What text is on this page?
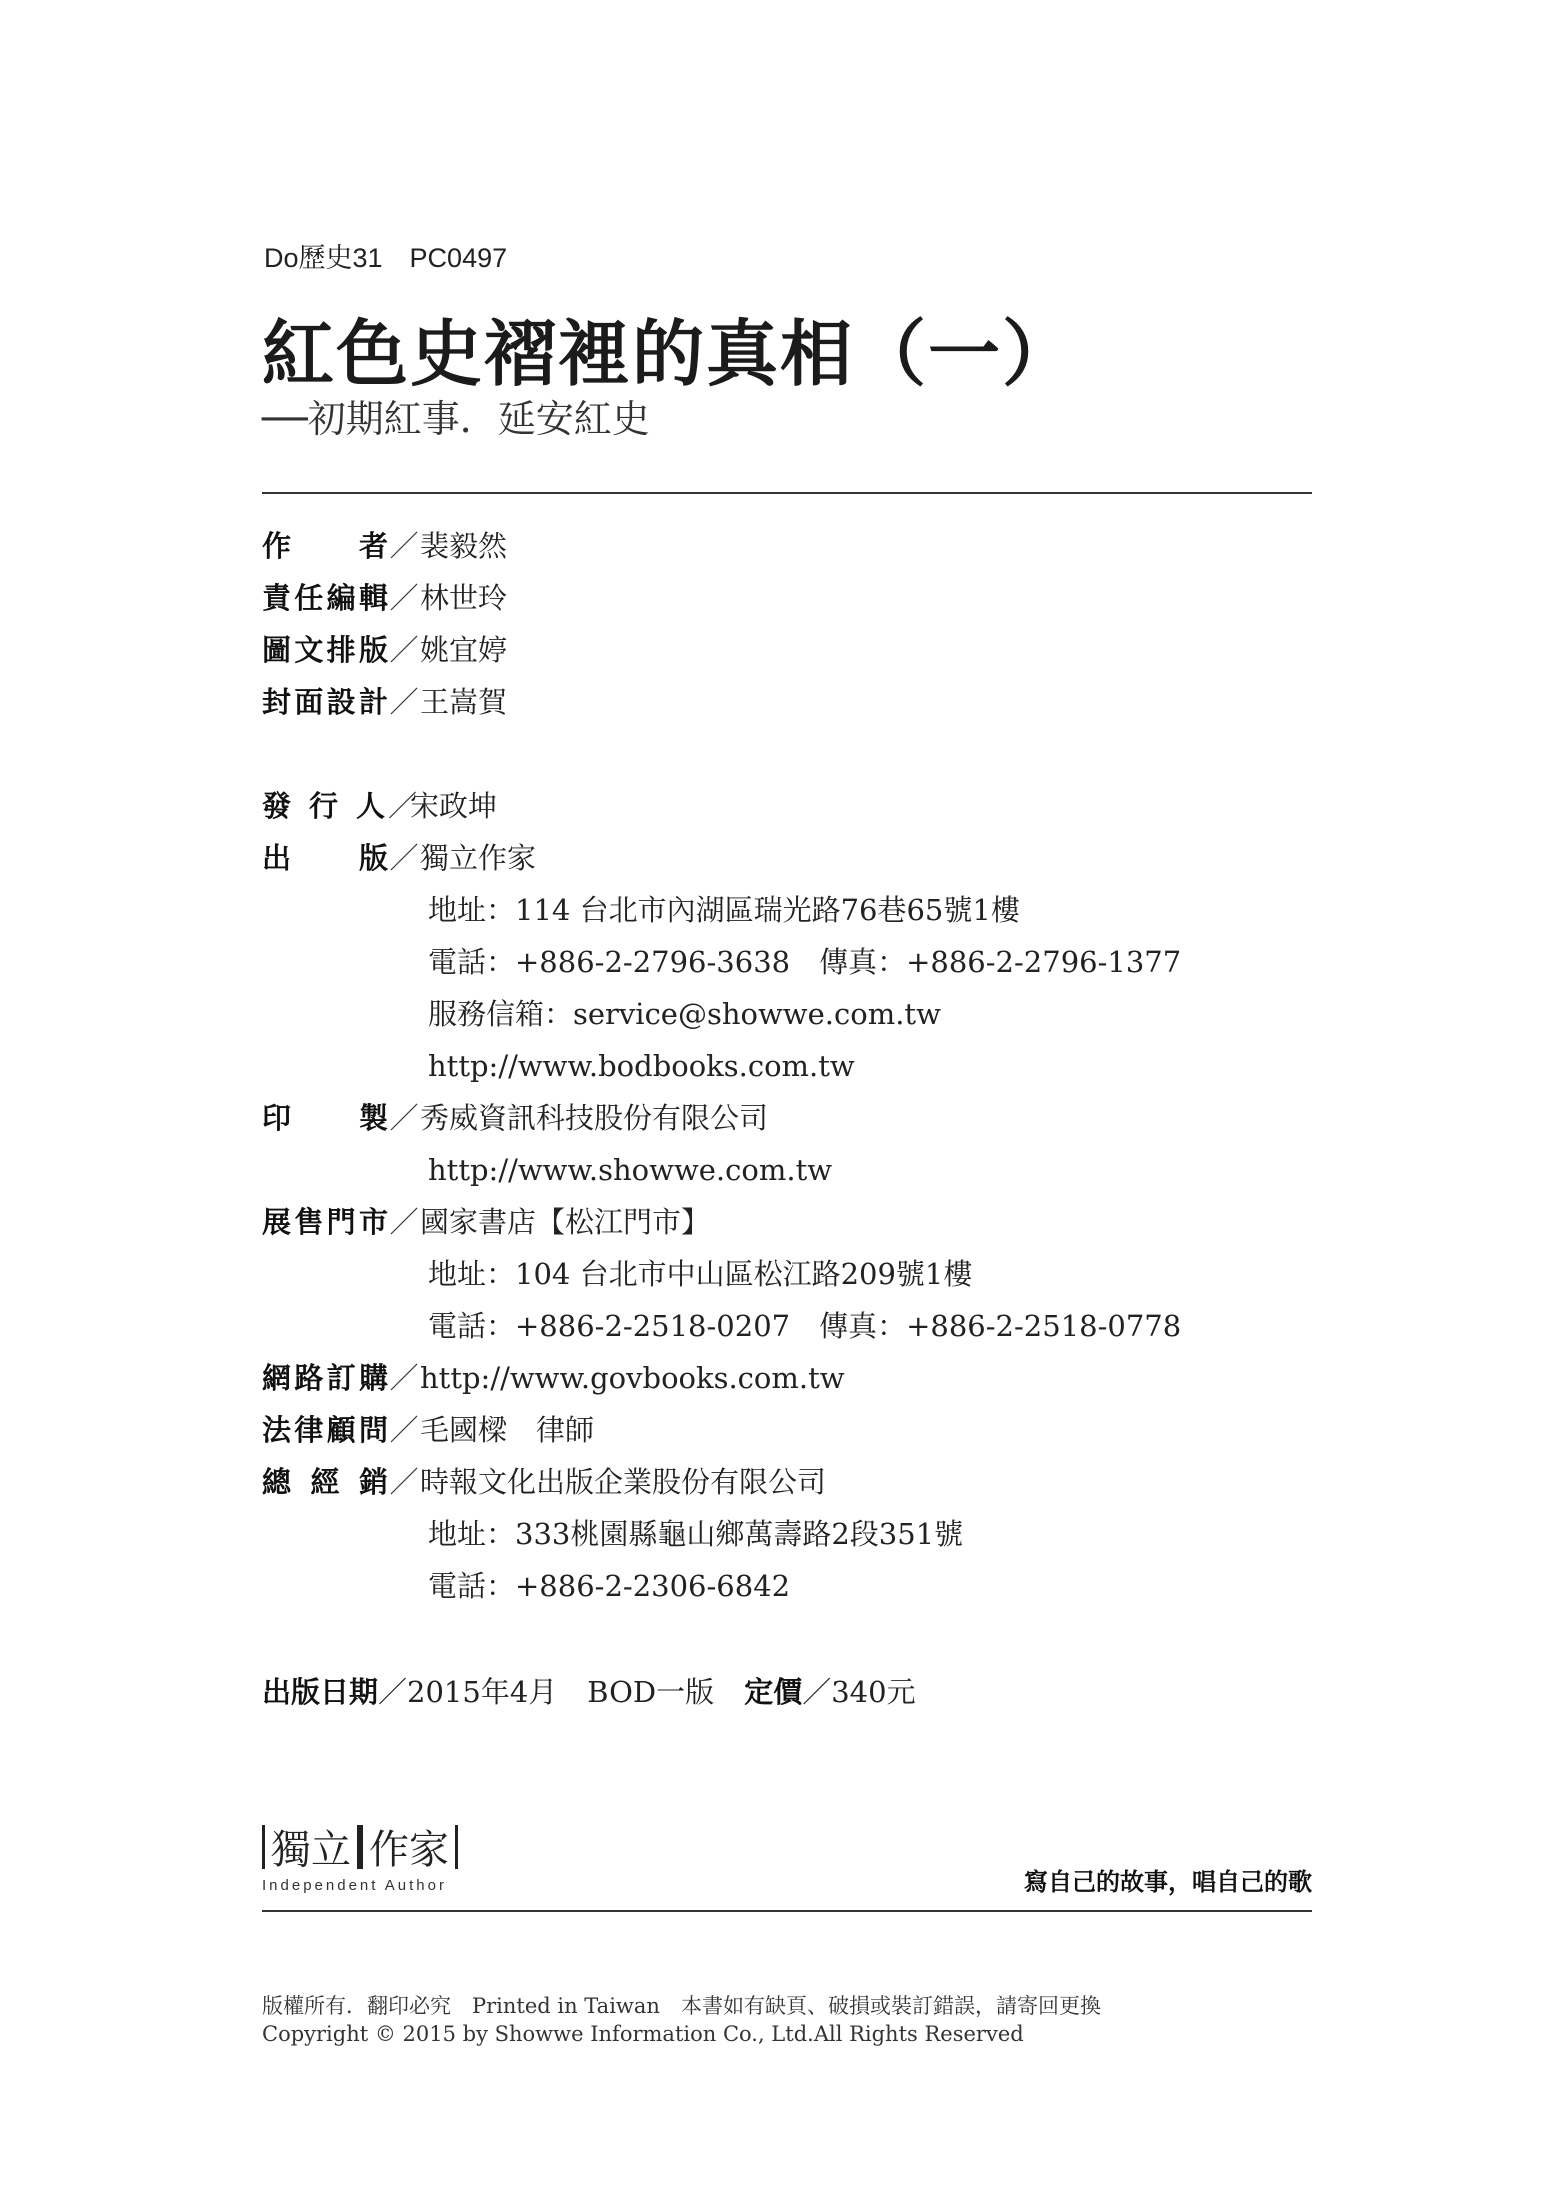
Do歷史31　PC0497
紅色史褶裡的真相（一）
──初期紅事．延安紅史
作 者 ／ 裴毅然
責 任 編 輯 ／ 林世玲
圖 文 排 版 ／ 姚宜婷
封 面 設 計 ／ 王嵩賀
發 行 人 ／
宋政坤
出 版 ／ 獨立作家
地址：114 台北市內湖區瑞光路76巷65號1樓
電話：+886-2-2796-3638　傳真：+886-2-2796-1377
服務信箱：service@showwe.com.tw
http://www.bodbooks.com.tw
印 製 ／ 秀威資訊科技股份有限公司
http://www.showwe.com.tw
展 售 門 市 ／ 國家書店【松江門市】
地址：104 台北市中山區松江路209號1樓
電話：+886-2-2518-0207　傳真：+886-2-2518-0778
網 路 訂 購 ／ http://www.govbooks.com.tw
法 律 顧 問 ／ 毛國樑　律師
總 經 銷 ／ 時報文化出版企業股份有限公司
地址：333桃園縣龜山鄉萬壽路2段351號
電話：+886-2-2306-6842
出版日期 ／ 2015年4月 BOD一版 定價 ／ 340元
獨立 作家
Independent Author	寫自己的故事，唱自己的歌
版權所有．翻印必究　Printed in Taiwan　本書如有缺頁、破損或裝訂錯誤，請寄回更換
Copyright © 2015 by Showwe Information Co., Ltd.All Rights Reserved
